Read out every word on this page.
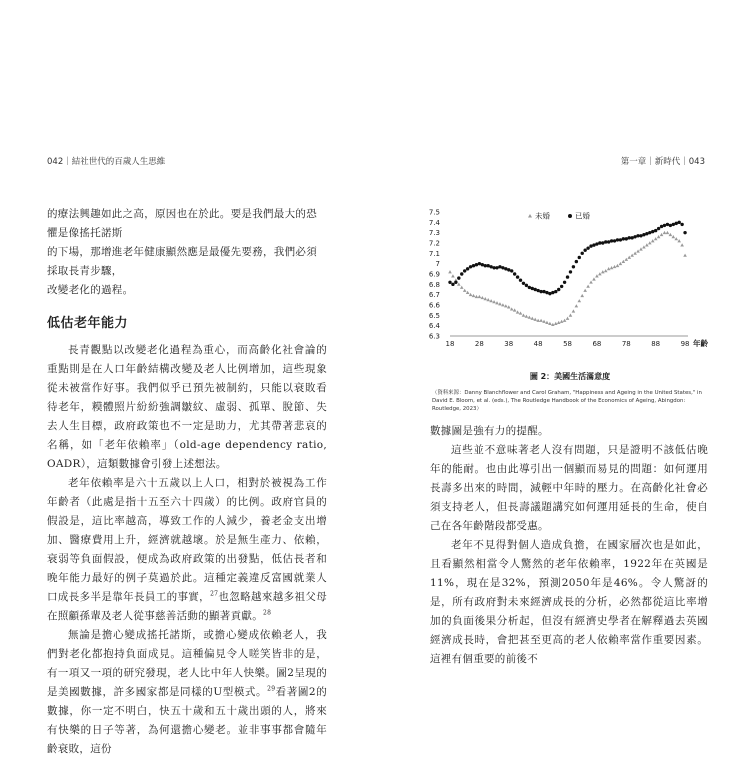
042｜結社世代的百歲人生思維	第一章｜新時代｜043
的療法興趣如此之高，原因也在於此。要是我們最大的恐懼是像搖托諾斯
的下場，那增進老年健康顯然應是最優先要務，我們必須採取長青步驟，
改變老化的過程。
低估老年能力

長青觀點以改變老化過程為重心，而高齡化社會論的重點則是在人口年齡結構改變及老人比例增加，這些現象從未被當作好事。我們似乎已預先被制約，只能以衰敗看待老年，糢體照片紛紛強調皺紋、虛弱、孤單、脫節、失去人生目標，政府政策也不一定是助力，尤其帶著悲哀的名稱，如「老年依賴率」（old-age dependency ratio, OADR），這類數據會引發上述想法。

老年依賴率是六十五歲以上人口，相對於被視為工作年齡者（此處是指十五至六十四歲）的比例。政府官員的假設是，這比率越高，導致工作的人減少，養老金支出增加、醫療費用上升，經濟就越壞。於是無生產力、依賴，衰弱等負面假設，便成為政府政策的出發點，低估長者和晚年能力最好的例子莫過於此。這種定義違反富國就業人口成長多半是靠年長員工的事實，$^{27}$也忽略越來越多祖父母在照顧孫輩及老人從事慈善活動的顯著貢獻。$^{28}$

無論是擔心變成搖托諾斯，或擔心變成依賴老人，我們對老化都抱持負面成見。這種偏見令人嗟笑皆非的是，有一項又一項的研究發現，老人比中年人快樂。圖2呈現的是美國數據，許多國家都是同樣的U型模式。$^{29}$看著圖2的數據，你一定不明白，快五十歲和五十歲出頭的人，將來有快樂的日子等著，為何還擔心變老。並非事事都會隨年齡衰敗，這份

7.5
7.4
7.3
7.2
7.1
7
6.9
6.8
6.7
6.6
6.5
6.4
6.3
18	28	38	48	58	68	78	88	98 年齡
未婚	已婚
圖 2：美國生活滿意度
（資料來源：Danny Blanchflower and Carol Graham, "Happiness and Ageing in the United States," in David E. Bloom, et al. (eds.), The Routledge Handbook of the Economics of Ageing, Abingdon: Routledge, 2023）

數據圖是強有力的提醒。

這些並不意味著老人沒有問題，只是證明不該低估晚年的能耐。也由此導引出一個顯而易見的問題：如何運用長壽多出來的時間，減輕中年時的壓力。在高齡化社會必須支持老人，但長壽議題講究如何運用延長的生命，使自己在各年齡階段都受惠。

老年不見得對個人造成負擔，在國家層次也是如此，且看顯然相當令人驚然的老年依賴率，1922年在英國是11%，現在是32%，預測2050年是46%。令人驚訝的是，所有政府對未來經濟成長的分析，必然都從這比率增加的負面後果分析起，但沒有經濟史學者在解釋過去英國經濟成長時，會把甚至更高的老人依賴率當作重要因素。這裡有個重要的前後不
